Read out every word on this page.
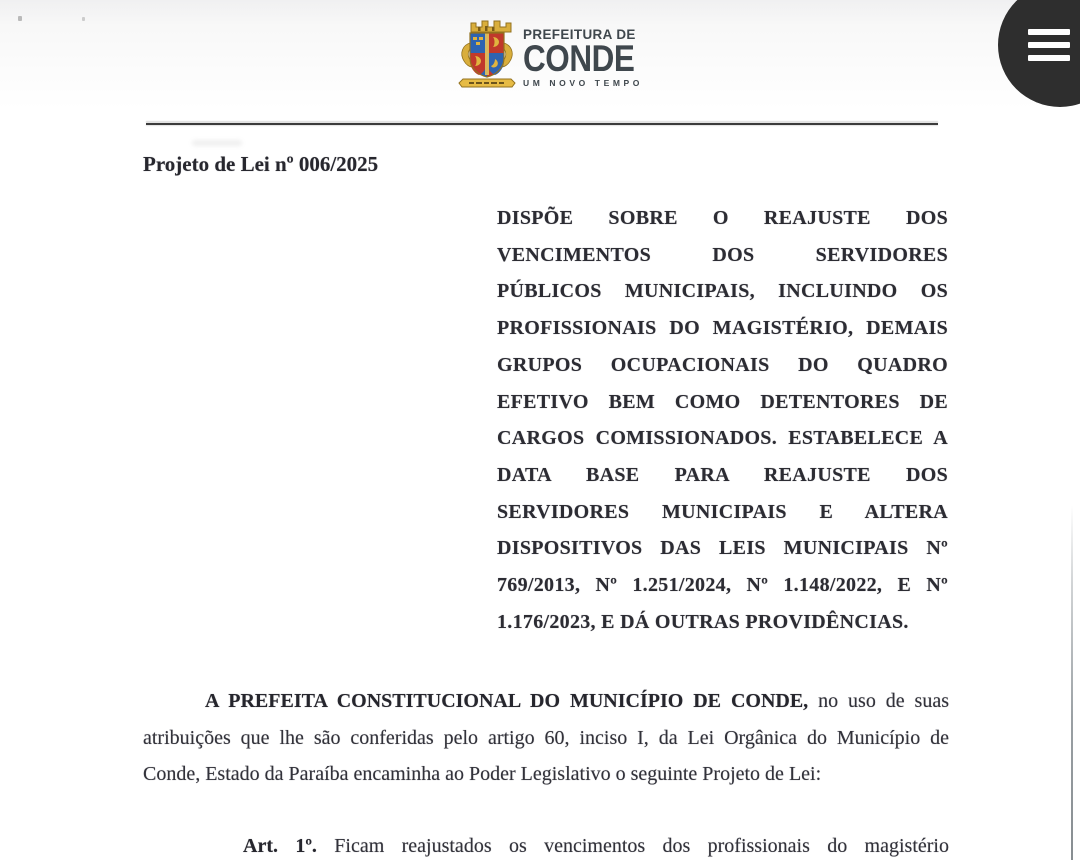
PREFEITURA DE
CONDE
UM NOVO TEMPO
Projeto de Lei nº 006/2025
DISPÕE SOBRE O REAJUSTE DOS
VENCIMENTOS DOS SERVIDORES
PÚBLICOS MUNICIPAIS, INCLUINDO OS
PROFISSIONAIS DO MAGISTÉRIO, DEMAIS
GRUPOS OCUPACIONAIS DO QUADRO
EFETIVO BEM COMO DETENTORES DE
CARGOS COMISSIONADOS. ESTABELECE A
DATA BASE PARA REAJUSTE DOS
SERVIDORES MUNICIPAIS E ALTERA
DISPOSITIVOS DAS LEIS MUNICIPAIS Nº
769/2013, Nº 1.251/2024, Nº 1.148/2022, E Nº
1.176/2023, E DÁ OUTRAS PROVIDÊNCIAS.
A PREFEITA CONSTITUCIONAL DO MUNICÍPIO DE CONDE, no uso de suas
atribuições que lhe são conferidas pelo artigo 60, inciso I, da Lei Orgânica do Município de
Conde, Estado da Paraíba encaminha ao Poder Legislativo o seguinte Projeto de Lei:
Art. 1º. Ficam reajustados os vencimentos dos profissionais do magistério
